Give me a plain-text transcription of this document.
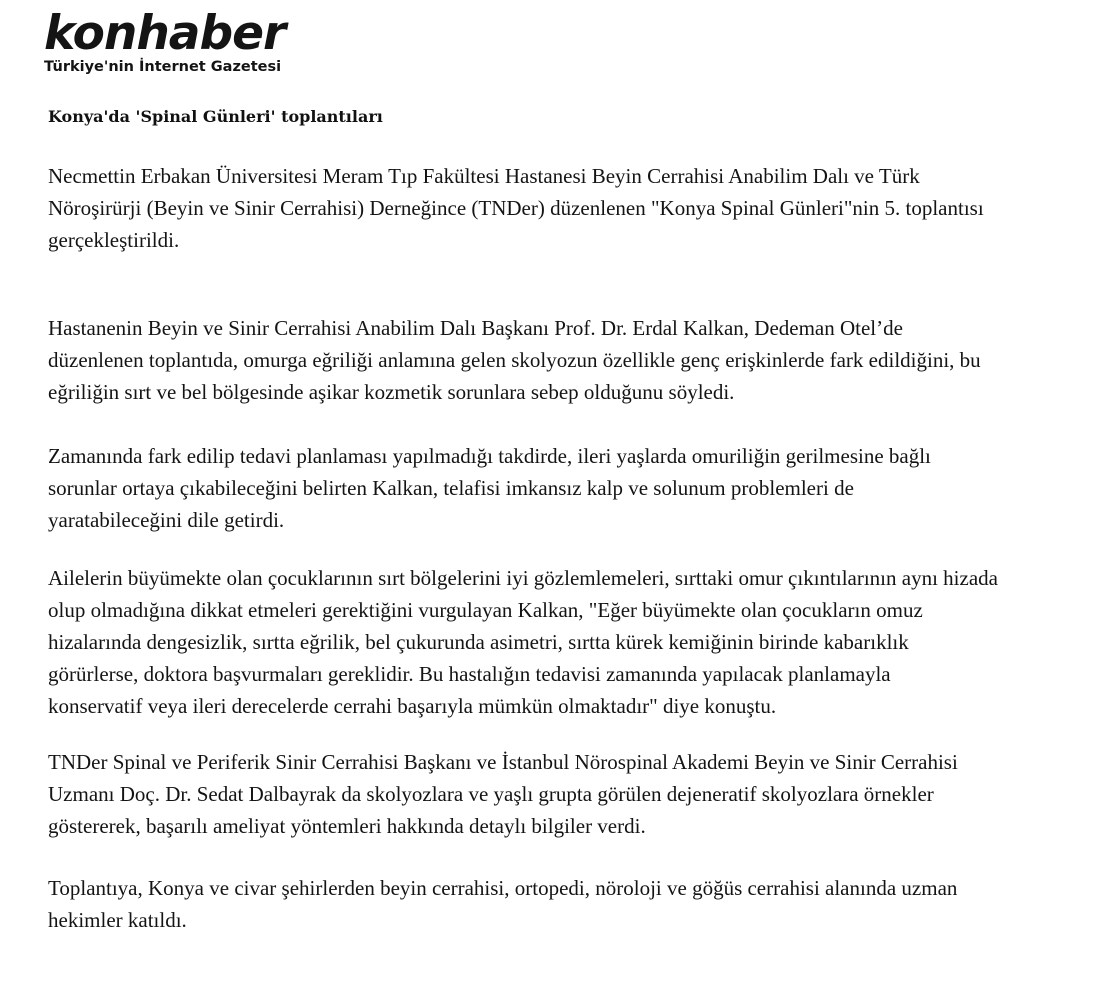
konhaber
Türkiye'nin İnternet Gazetesi
Konya'da 'Spinal Günleri' toplantıları

Necmettin Erbakan Üniversitesi Meram Tıp Fakültesi Hastanesi Beyin Cerrahisi Anabilim Dalı ve Türk

Nöroşirürji (Beyin ve Sinir Cerrahisi) Derneğince (TNDer) düzenlenen "Konya Spinal Günleri"nin 5. toplantısı

gerçekleştirildi.

Hastanenin Beyin ve Sinir Cerrahisi Anabilim Dalı Başkanı Prof. Dr. Erdal Kalkan, Dedeman Otel’de

düzenlenen toplantıda, omurga eğriliği anlamına gelen skolyozun özellikle genç erişkinlerde fark edildiğini, bu

eğriliğin sırt ve bel bölgesinde aşikar kozmetik sorunlara sebep olduğunu söyledi.

Zamanında fark edilip tedavi planlaması yapılmadığı takdirde, ileri yaşlarda omuriliğin gerilmesine bağlı

sorunlar ortaya çıkabileceğini belirten Kalkan, telafisi imkansız kalp ve solunum problemleri de

yaratabileceğini dile getirdi.

Ailelerin büyümekte olan çocuklarının sırt bölgelerini iyi gözlemlemeleri, sırttaki omur çıkıntılarının aynı hizada

olup olmadığına dikkat etmeleri gerektiğini vurgulayan Kalkan, "Eğer büyümekte olan çocukların omuz

hizalarında dengesizlik, sırtta eğrilik, bel çukurunda asimetri, sırtta kürek kemiğinin birinde kabarıklık

görürlerse, doktora başvurmaları gereklidir. Bu hastalığın tedavisi zamanında yapılacak planlamayla

konservatif veya ileri derecelerde cerrahi başarıyla mümkün olmaktadır" diye konuştu.

TNDer Spinal ve Periferik Sinir Cerrahisi Başkanı ve İstanbul Nörospinal Akademi Beyin ve Sinir Cerrahisi

Uzmanı Doç. Dr. Sedat Dalbayrak da skolyozlara ve yaşlı grupta görülen dejeneratif skolyozlara örnekler

göstererek, başarılı ameliyat yöntemleri hakkında detaylı bilgiler verdi.

Toplantıya, Konya ve civar şehirlerden beyin cerrahisi, ortopedi, nöroloji ve göğüs cerrahisi alanında uzman

hekimler katıldı.
